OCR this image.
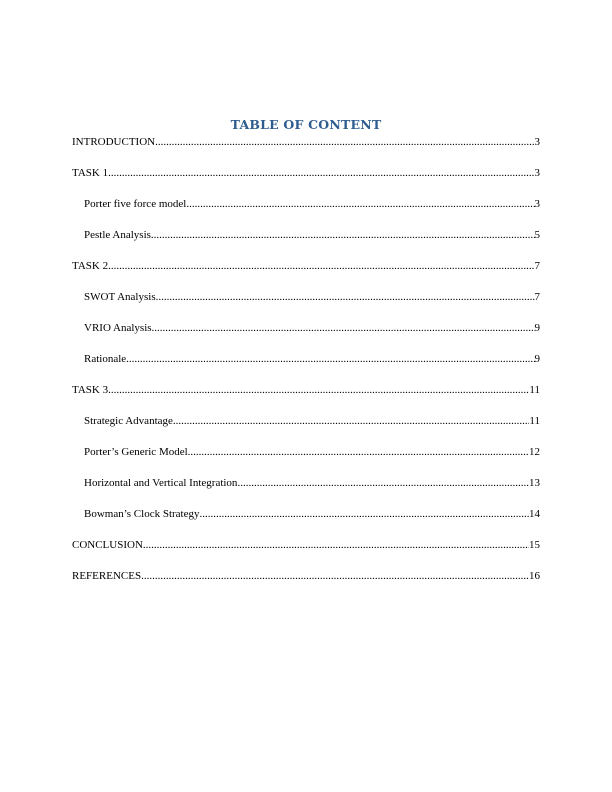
TABLE OF CONTENT
INTRODUCTION .....	3
TASK 1 .....	3
Porter five force model .....	3
Pestle Analysis .....	5
TASK 2 .....	7
SWOT Analysis .....	7
VRIO Analysis .....	9
Rationale .....	9
TASK 3 .....	11
Strategic Advantage .....	11
Porter’s Generic Model .....	12
Horizontal and Vertical Integration .....	13
Bowman’s Clock Strategy .....	14
CONCLUSION .....	15
REFERENCES .....	16
